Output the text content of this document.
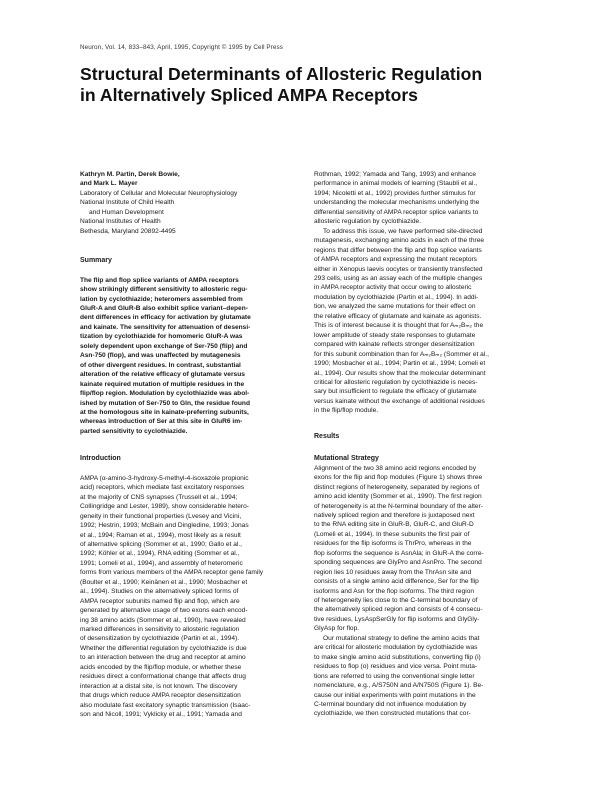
Neuron, Vol. 14, 833–843, April, 1995, Copyright © 1995 by Cell Press
Structural Determinants of Allosteric Regulation
in Alternatively Spliced AMPA Receptors
Kathryn M. Partin, Derek Bowie,
and Mark L. Mayer
Laboratory of Cellular and Molecular Neurophysiology
National Institute of Child Health
and Human Development
National Institutes of Health
Bethesda, Maryland 20892-4495
Summary
The flip and flop splice variants of AMPA receptors
show strikingly different sensitivity to allosteric regu-
lation by cyclothiazide; heteromers assembled from
GluR-A and GluR-B also exhibit splice variant–depen-
dent differences in efficacy for activation by glutamate
and kainate. The sensitivity for attenuation of desensi-
tization by cyclothiazide for homomeric GluR-A was
solely dependent upon exchange of Ser-750 (flip) and
Asn-750 (flop), and was unaffected by mutagenesis
of other divergent residues. In contrast, substantial
alteration of the relative efficacy of glutamate versus
kainate required mutation of multiple residues in the
flip/flop region. Modulation by cyclothiazide was abol-
ished by mutation of Ser-750 to Gln, the residue found
at the homologous site in kainate-preferring subunits,
whereas introduction of Ser at this site in GluR6 im-
parted sensitivity to cyclothiazide.
Introduction
AMPA (α-amino-3-hydroxy-5-methyl-4-isoxazole propionic
acid) receptors, which mediate fast excitatory responses
at the majority of CNS synapses (Trussell et al., 1994;
Collingridge and Lester, 1989), show considerable hetero-
geneity in their functional properties (Lvesey and Vicini,
1992; Hestrin, 1993; McBain and Dingledine, 1993; Jonas
et al., 1994; Raman et al., 1994), most likely as a result
of alternative splicing (Sommer et al., 1990; Gallo et al.,
1992; Köhler et al., 1994), RNA editing (Sommer et al.,
1991; Lomeli et al., 1994), and assembly of heteromeric
forms from various members of the AMPA receptor gene family
(Boulter et al., 1990; Keinänen et al., 1990; Mosbacher et
al., 1994). Studies on the alternatively spliced forms of
AMPA receptor subunits named flip and flop, which are
generated by alternative usage of two exons each encod-
ing 38 amino acids (Sommer et al., 1990), have revealed
marked differences in sensitivity to allosteric regulation
of desensitization by cyclothiazide (Partin et al., 1994).
Whether the differential regulation by cyclothiazide is due
to an interaction between the drug and receptor at amino
acids encoded by the flip/flop module, or whether these
residues direct a conformational change that affects drug
interaction at a distal site, is not known. The discovery
that drugs which reduce AMPA receptor desensitization
also modulate fast excitatory synaptic transmission (Isaac-
son and Nicoll, 1991; Vyklicky et al., 1991; Yamada and
Rothman, 1992; Yamada and Tang, 1993) and enhance
performance in animal models of learning (Staubli et al.,
1994; Nicoletti et al., 1992) provides further stimulus for
understanding the molecular mechanisms underlying the
differential sensitivity of AMPA receptor splice variants to
allosteric regulation by cyclothiazide.
To address this issue, we have performed site-directed
mutagenesis, exchanging amino acids in each of the three
regions that differ between the flip and flop splice variants
of AMPA receptors and expressing the mutant receptors
either in Xenopus laevis oocytes or transiently transfected
293 cells, using as an assay each of the multiple changes
in AMPA receptor activity that occur owing to allosteric
modulation by cyclothiazide (Partin et al., 1994). In addi-
tion, we analyzed the same mutations for their effect on
the relative efficacy of glutamate and kainate as agonists.
This is of interest because it is thought that for Aₘ₂Bₘ₂ the
lower amplitude of steady state responses to glutamate
compared with kainate reflects stronger desensitization
for this subunit combination than for Aₘ₂Bₘ₂ (Sommer et al.,
1990; Mosbacher et al., 1994; Partin et al., 1994; Lomeli et
al., 1994). Our results show that the molecular determinant
critical for allosteric regulation by cyclothiazide is neces-
sary but insufficient to regulate the efficacy of glutamate
versus kainate without the exchange of additional residues
in the flip/flop module.
Results
Mutational Strategy
Alignment of the two 38 amino acid regions encoded by
exons for the flip and flop modules (Figure 1) shows three
distinct regions of heterogeneity, separated by regions of
amino acid identity (Sommer et al., 1990). The first region
of heterogeneity is at the N-terminal boundary of the alter-
natively spliced region and therefore is juxtaposed next
to the RNA editing site in GluR-B, GluR-C, and GluR-D
(Lomeli et al., 1994). In these subunits the first pair of
residues for the flip isoforms is ThrPro, whereas in the
flop isoforms the sequence is AsnAla; in GluR-A the corre-
sponding sequences are GlyPro and AsnPro. The second
region lies 10 residues away from the ThrAsn site and
consists of a single amino acid difference, Ser for the flip
isoforms and Asn for the flop isoforms. The third region
of heterogeneity lies close to the C-terminal boundary of
the alternatively spliced region and consists of 4 consecu-
tive residues, LysAspSerGly for flip isoforms and GlyGly-
GlyAsp for flop.
Our mutational strategy to define the amino acids that
are critical for allosteric modulation by cyclothiazide was
to make single amino acid substitutions, converting flip (i)
residues to flop (o) residues and vice versa. Point muta-
tions are referred to using the conventional single letter
nomenclature, e.g., A/S750N and A/N750S (Figure 1). Be-
cause our initial experiments with point mutations in the
C-terminal boundary did not influence modulation by
cyclothiazide, we then constructed mutations that cor-
